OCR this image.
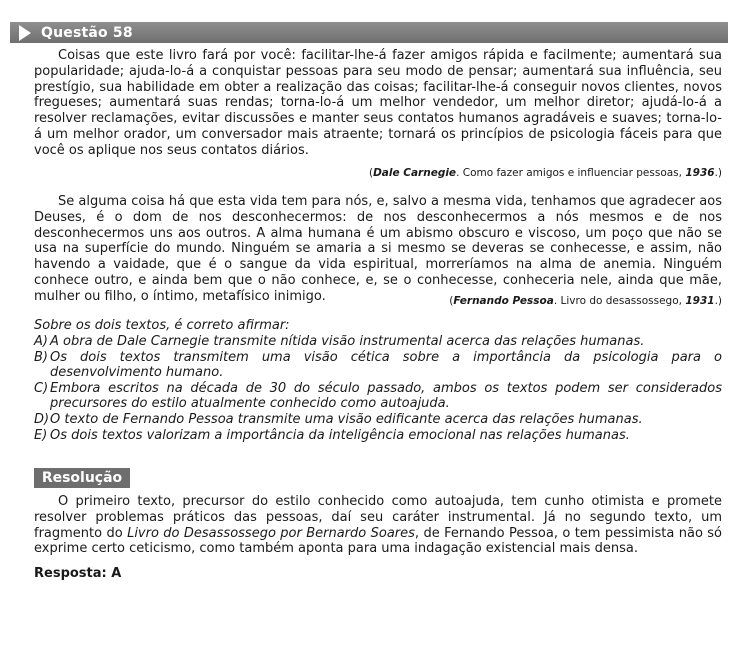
Questão 58

Coisas que este livro fará por você: facilitar-lhe-á fazer amigos rápida e facilmente; aumentará sua popularidade; ajuda-lo-á a conquistar pessoas para seu modo de pensar; aumentará sua influência, seu prestígio, sua habilidade em obter a realização das coisas; facilitar-lhe-á conseguir novos clientes, novos fregueses; aumentará suas rendas; torna-lo-á um melhor vendedor, um melhor diretor; ajudá-lo-á a resolver reclamações, evitar discussões e manter seus contatos humanos agradáveis e suaves; torna-lo-á um melhor orador, um conversador mais atraente; tornará os princípios de psicologia fáceis para que você os aplique nos seus contatos diários.

(Dale Carnegie. Como fazer amigos e influenciar pessoas, 1936.)

Se alguma coisa há que esta vida tem para nós, e, salvo a mesma vida, tenhamos que agradecer aos Deuses, é o dom de nos desconhecermos: de nos desconhecermos a nós mesmos e de nos desconhecermos uns aos outros. A alma humana é um abismo obscuro e viscoso, um poço que não se usa na superfície do mundo. Ninguém se amaria a si mesmo se deveras se conhecesse, e assim, não havendo a vaidade, que é o sangue da vida espiritual, morreríamos na alma de anemia. Ninguém conhece outro, e ainda bem que o não conhece, e, se o conhecesse, conheceria nele, ainda que mãe, mulher ou filho, o íntimo, metafísico inimigo.	(Fernando Pessoa. Livro do desassossego, 1931.)
Sobre os dois textos, é correto afirmar:
A) A obra de Dale Carnegie transmite nítida visão instrumental acerca das relações humanas.
B) Os dois textos transmitem uma visão cética sobre a importância da psicologia para o desenvolvimento humano.
C) Embora escritos na década de 30 do século passado, ambos os textos podem ser considerados precursores do estilo atualmente conhecido como autoajuda.
D) O texto de Fernando Pessoa transmite uma visão edificante acerca das relações humanas.
E) Os dois textos valorizam a importância da inteligência emocional nas relações humanas.
Resolução

O primeiro texto, precursor do estilo conhecido como autoajuda, tem cunho otimista e promete resolver problemas práticos das pessoas, daí seu caráter instrumental. Já no segundo texto, um fragmento do Livro do Desassossego por Bernardo Soares, de Fernando Pessoa, o tem pessimista não só exprime certo ceticismo, como também aponta para uma indagação existencial mais densa.

Resposta: A
